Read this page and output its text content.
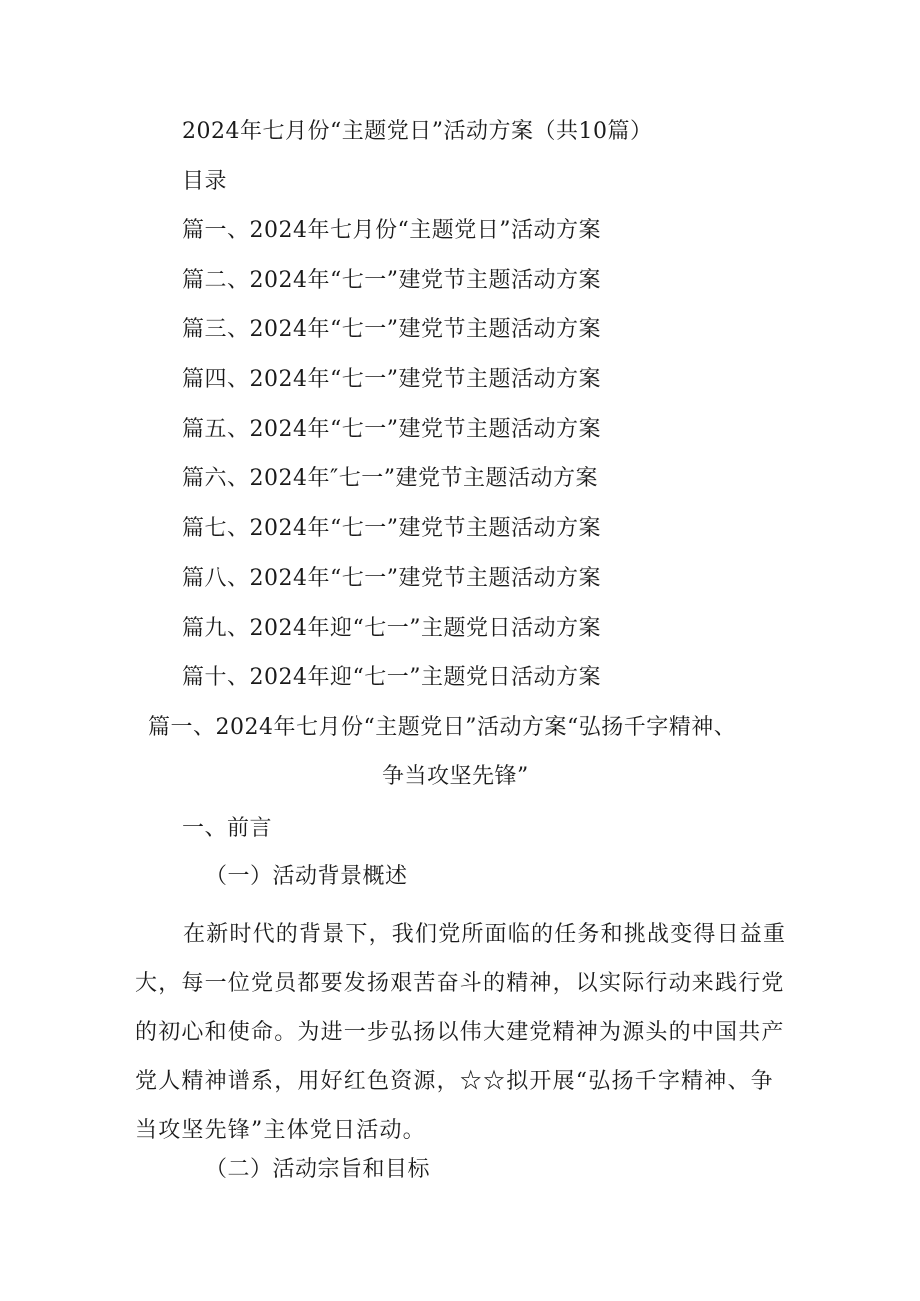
2024年七月份“主题党日”活动方案（共10篇）
目录
篇一、2024年七月份“主题党日”活动方案
篇二、2024年“七一”建党节主题活动方案
篇三、2024年“七一”建党节主题活动方案
篇四、2024年“七一”建党节主题活动方案
篇五、2024年“七一”建党节主题活动方案
篇六、2024年″七一”建党节主题活动方案
篇七、2024年“七一”建党节主题活动方案
篇八、2024年“七一”建党节主题活动方案
篇九、2024年迎“七一”主题党日活动方案
篇十、2024年迎“七一”主题党日活动方案
篇一、2024年七月份“主题党日”活动方案“弘扬千字精神、
争当攻坚先锋”
一、前言
（一）活动背景概述
在新时代的背景下，我们党所面临的任务和挑战变得日益重
大，每一位党员都要发扬艰苦奋斗的精神，以实际行动来践行党
的初心和使命。为进一步弘扬以伟大建党精神为源头的中国共产
党人精神谱系，用好红色资源，☆☆拟开展“弘扬千字精神、争
当攻坚先锋”主体党日活动。
（二）活动宗旨和目标
